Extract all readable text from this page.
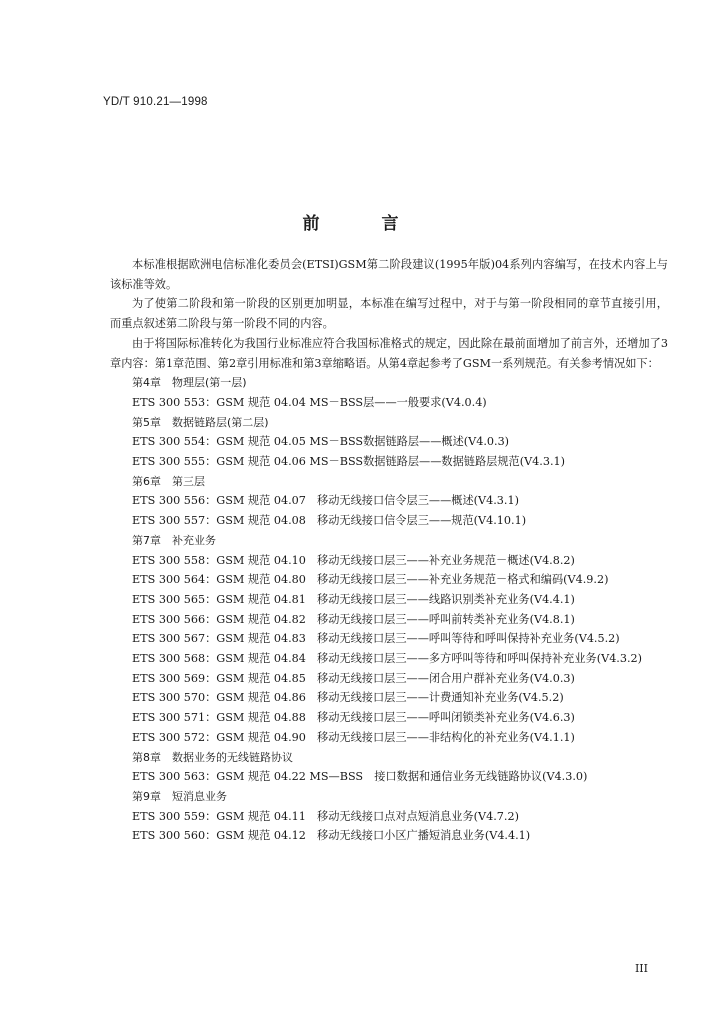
YD/T 910.21—1998
前 言

本标准根据欧洲电信标准化委员会(ETSI)GSM第二阶段建议(1995年版)04系列内容编写，在技术内容上与该标准等效。

为了使第二阶段和第一阶段的区别更加明显，本标准在编写过程中，对于与第一阶段相同的章节直接引用，而重点叙述第二阶段与第一阶段不同的内容。

由于将国际标准转化为我国行业标准应符合我国标准格式的规定，因此除在最前面增加了前言外，还增加了3章内容：第1章范围、第2章引用标准和第3章缩略语。从第4章起参考了GSM一系列规范。有关参考情况如下：

第4章　物理层(第一层)

ETS 300 553：GSM 规范 04.04 MS－BSS层——一般要求(V4.0.4)

第5章　数据链路层(第二层)

ETS 300 554：GSM 规范 04.05 MS－BSS数据链路层——概述(V4.0.3)

ETS 300 555：GSM 规范 04.06 MS－BSS数据链路层——数据链路层规范(V4.3.1)

第6章　第三层

ETS 300 556：GSM 规范 04.07　移动无线接口信令层三——概述(V4.3.1)

ETS 300 557：GSM 规范 04.08　移动无线接口信令层三——规范(V4.10.1)

第7章　补充业务

ETS 300 558：GSM 规范 04.10　移动无线接口层三——补充业务规范－概述(V4.8.2)

ETS 300 564：GSM 规范 04.80　移动无线接口层三——补充业务规范－格式和编码(V4.9.2)

ETS 300 565：GSM 规范 04.81　移动无线接口层三——线路识别类补充业务(V4.4.1)

ETS 300 566：GSM 规范 04.82　移动无线接口层三——呼叫前转类补充业务(V4.8.1)

ETS 300 567：GSM 规范 04.83　移动无线接口层三——呼叫等待和呼叫保持补充业务(V4.5.2)

ETS 300 568：GSM 规范 04.84　移动无线接口层三——多方呼叫等待和呼叫保持补充业务(V4.3.2)

ETS 300 569：GSM 规范 04.85　移动无线接口层三——闭合用户群补充业务(V4.0.3)

ETS 300 570：GSM 规范 04.86　移动无线接口层三——计费通知补充业务(V4.5.2)

ETS 300 571：GSM 规范 04.88　移动无线接口层三——呼叫闭锁类补充业务(V4.6.3)

ETS 300 572：GSM 规范 04.90　移动无线接口层三——非结构化的补充业务(V4.1.1)

第8章　数据业务的无线链路协议

ETS 300 563：GSM 规范 04.22 MS—BSS　接口数据和通信业务无线链路协议(V4.3.0)

第9章　短消息业务

ETS 300 559：GSM 规范 04.11　移动无线接口点对点短消息业务(V4.7.2)

ETS 300 560：GSM 规范 04.12　移动无线接口小区广播短消息业务(V4.4.1)

III
